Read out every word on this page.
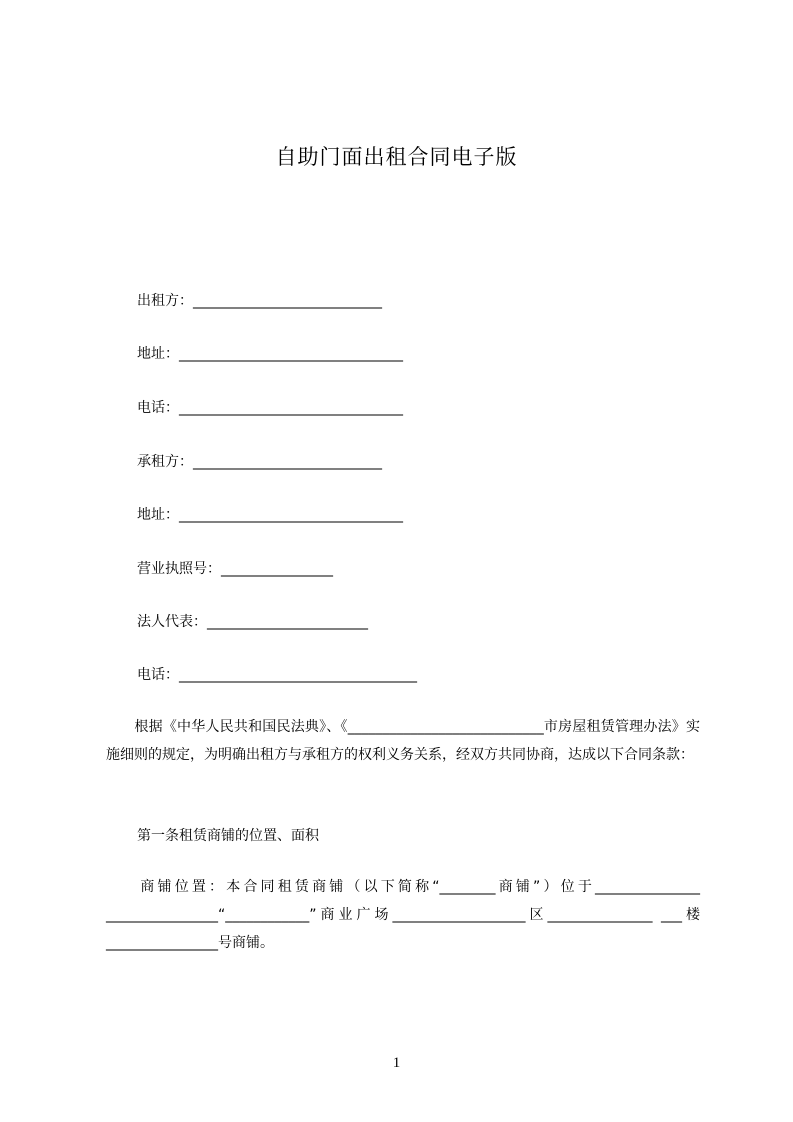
自助门面出租合同电子版
出租方：___________________________
地址：________________________________
电话：________________________________
承租方：___________________________
地址：________________________________
营业执照号：________________
法人代表：_______________________
电话：__________________________________
　　根据《中华人民共和国民法典》、《____________________________市房屋租赁管理办法》实施细则的规定，为明确出租方与承租方的权利义务关系，经双方共同协商，达成以下合同条款：
第一条租赁商铺的位置、面积
　　商铺位置：本合同租赁商铺（以下简称“________商铺”）位于_______________ ________________“____________”商业广场___________________区_______________ ___楼________________号商铺。
1
